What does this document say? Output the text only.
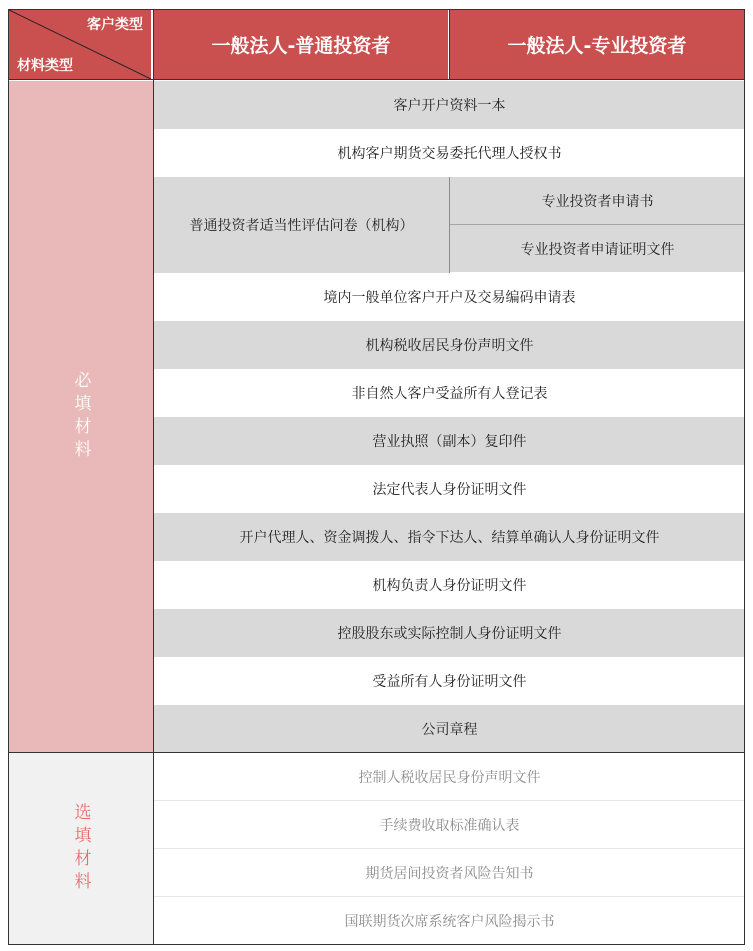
客户类型
材料类型
一般法人-普通投资者	一般法人-专业投资者
必填材料
选填材料
客户开户资料一本
机构客户期货交易委托代理人授权书
普通投资者适当性评估问卷（机构）
专业投资者申请书
专业投资者申请证明文件
境内一般单位客户开户及交易编码申请表
机构税收居民身份声明文件
非自然人客户受益所有人登记表
营业执照（副本）复印件
法定代表人身份证明文件
开户代理人、资金调拨人、指令下达人、结算单确认人身份证明文件
机构负责人身份证明文件
控股股东或实际控制人身份证明文件
受益所有人身份证明文件
公司章程
控制人税收居民身份声明文件
手续费收取标准确认表
期货居间投资者风险告知书
国联期货次席系统客户风险揭示书
